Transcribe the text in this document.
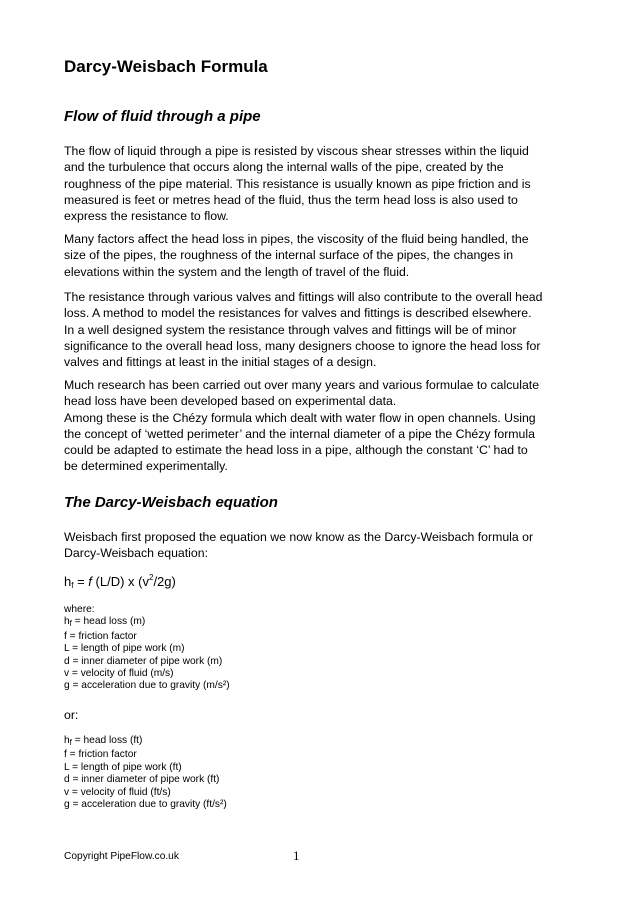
Darcy-Weisbach Formula
Flow of fluid through a pipe

The flow of liquid through a pipe is resisted by viscous shear stresses within the liquid
and the turbulence that occurs along the internal walls of the pipe, created by the
roughness of the pipe material. This resistance is usually known as pipe friction and is
measured is feet or metres head of the fluid, thus the term head loss is also used to
express the resistance to flow.

Many factors affect the head loss in pipes, the viscosity of the fluid being handled, the
size of the pipes, the roughness of the internal surface of the pipes, the changes in
elevations within the system and the length of travel of the fluid.

The resistance through various valves and fittings will also contribute to the overall head
loss. A method to model the resistances for valves and fittings is described elsewhere.
In a well designed system the resistance through valves and fittings will be of minor
significance to the overall head loss, many designers choose to ignore the head loss for
valves and fittings at least in the initial stages of a design.

Much research has been carried out over many years and various formulae to calculate
head loss have been developed based on experimental data.
Among these is the Chézy formula which dealt with water flow in open channels. Using
the concept of ‘wetted perimeter’ and the internal diameter of a pipe the Chézy formula
could be adapted to estimate the head loss in a pipe, although the constant ‘C’ had to
be determined experimentally.

The Darcy-Weisbach equation

Weisbach first proposed the equation we now know as the Darcy-Weisbach formula or
Darcy-Weisbach equation:

$h_f = f$ (L/D) x $(v^2/2g)$

where:
$h_f$ = head loss (m)
f = friction factor
L = length of pipe work (m)
d = inner diameter of pipe work (m)
v = velocity of fluid (m/s)
g = acceleration due to gravity (m/s²)

or:

$h_f$ = head loss (ft)
f = friction factor
L = length of pipe work (ft)
d = inner diameter of pipe work (ft)
v = velocity of fluid (ft/s)
g = acceleration due to gravity (ft/s²)

Copyright PipeFlow.co.uk	1
